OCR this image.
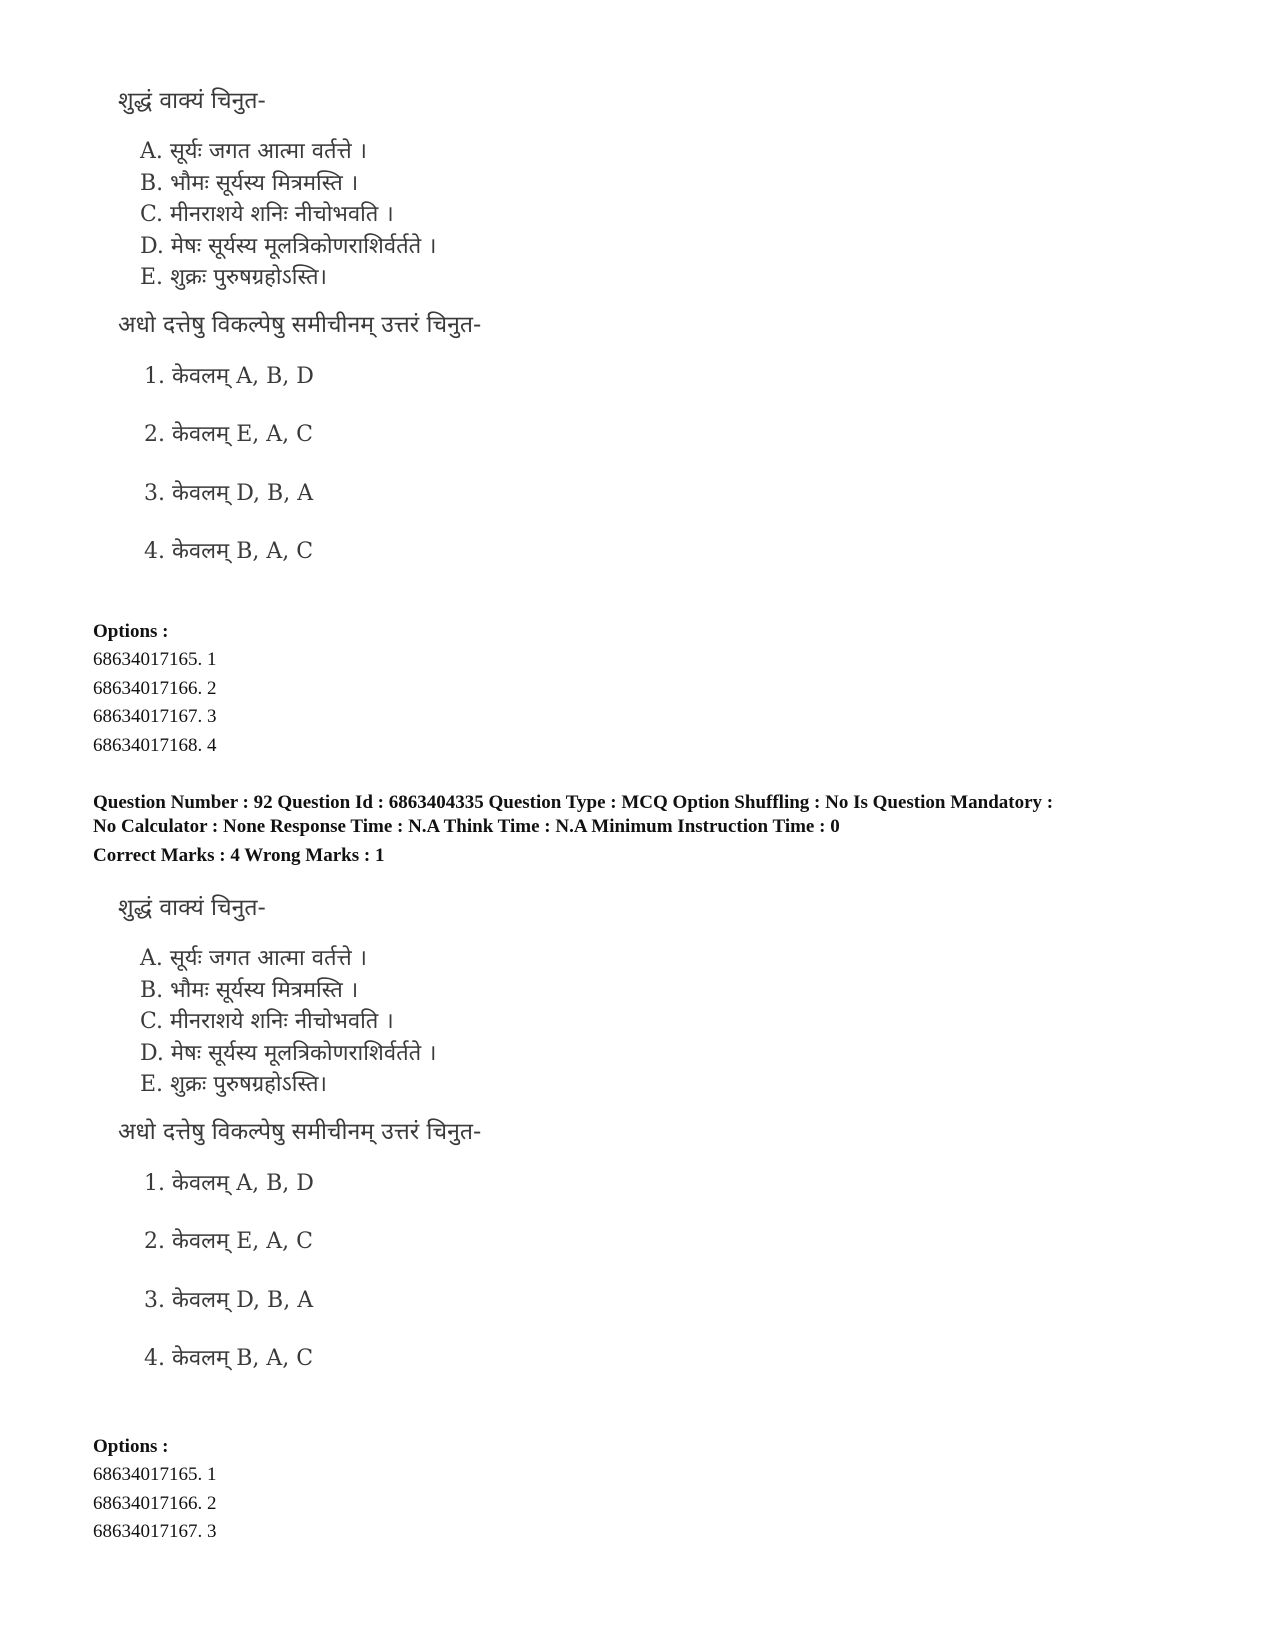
शुद्धं वाक्यं चिनुत-
A. सूर्यः जगत आत्मा वर्तत्ते ।
B. भौमः सूर्यस्य मित्रमस्ति ।
C. मीनराशये शनिः नीचोभवति ।
D. मेषः सूर्यस्य मूलत्रिकोणराशिर्वर्तते ।
E. शुक्रः पुरुषग्रहोऽस्ति।
अधो दत्तेषु विकल्पेषु समीचीनम् उत्तरं चिनुत-
1. केवलम् A, B, D
2. केवलम् E, A, C
3. केवलम् D, B, A
4. केवलम् B, A, C
Options :
68634017165. 1
68634017166. 2
68634017167. 3
68634017168. 4
Question Number : 92 Question Id : 6863404335 Question Type : MCQ Option Shuffling : No Is Question Mandatory :
No Calculator : None Response Time : N.A Think Time : N.A Minimum Instruction Time : 0
Correct Marks : 4 Wrong Marks : 1
शुद्धं वाक्यं चिनुत-
A. सूर्यः जगत आत्मा वर्तत्ते ।
B. भौमः सूर्यस्य मित्रमस्ति ।
C. मीनराशये शनिः नीचोभवति ।
D. मेषः सूर्यस्य मूलत्रिकोणराशिर्वर्तते ।
E. शुक्रः पुरुषग्रहोऽस्ति।
अधो दत्तेषु विकल्पेषु समीचीनम् उत्तरं चिनुत-
1. केवलम् A, B, D
2. केवलम् E, A, C
3. केवलम् D, B, A
4. केवलम् B, A, C
Options :
68634017165. 1
68634017166. 2
68634017167. 3
